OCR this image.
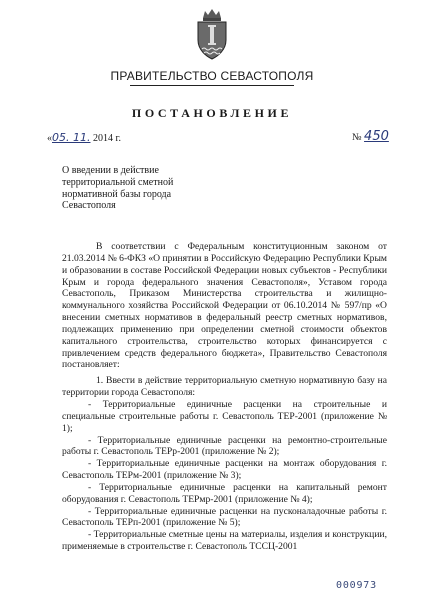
ПРАВИТЕЛЬСТВО СЕВАСТОПОЛЯ
ПОСТАНОВЛЕНИЕ
«05. 11. 2014 г.	№ 450
О введении в действие
территориальной сметной
нормативной базы города
Севастополя

В соответствии с Федеральным конституционным законом от 21.03.2014 № 6-ФКЗ «О принятии в Российскую Федерацию Республики Крым и образовании в составе Российской Федерации новых субъектов - Республики Крым и города федерального значения Севастополя», Уставом города Севастополь, Приказом Министерства строительства и жилищно-коммунального хозяйства Российской Федерации от 06.10.2014 № 597/пр «О внесении сметных нормативов в федеральный реестр сметных нормативов, подлежащих применению при определении сметной стоимости объектов капитального строительства, строительство которых финансируется с привлечением средств федерального бюджета», Правительство Севастополя постановляет:

1. Ввести в действие территориальную сметную нормативную базу на территории города Севастополя:

- Территориальные единичные расценки на строительные и специальные строительные работы г. Севастополь ТЕР-2001 (приложение № 1);

- Территориальные единичные расценки на ремонтно-строительные работы г. Севастополь ТЕРр-2001 (приложение № 2);

- Территориальные единичные расценки на монтаж оборудования г. Севастополь ТЕРм-2001 (приложение № 3);

- Территориальные единичные расценки на капитальный ремонт оборудования г. Севастополь ТЕРмр-2001 (приложение № 4);

- Территориальные единичные расценки на пусконаладочные работы г. Севастополь ТЕРп-2001 (приложение № 5);

- Территориальные сметные цены на материалы, изделия и конструкции, применяемые в строительстве г. Севастополь ТССЦ-2001

000973
